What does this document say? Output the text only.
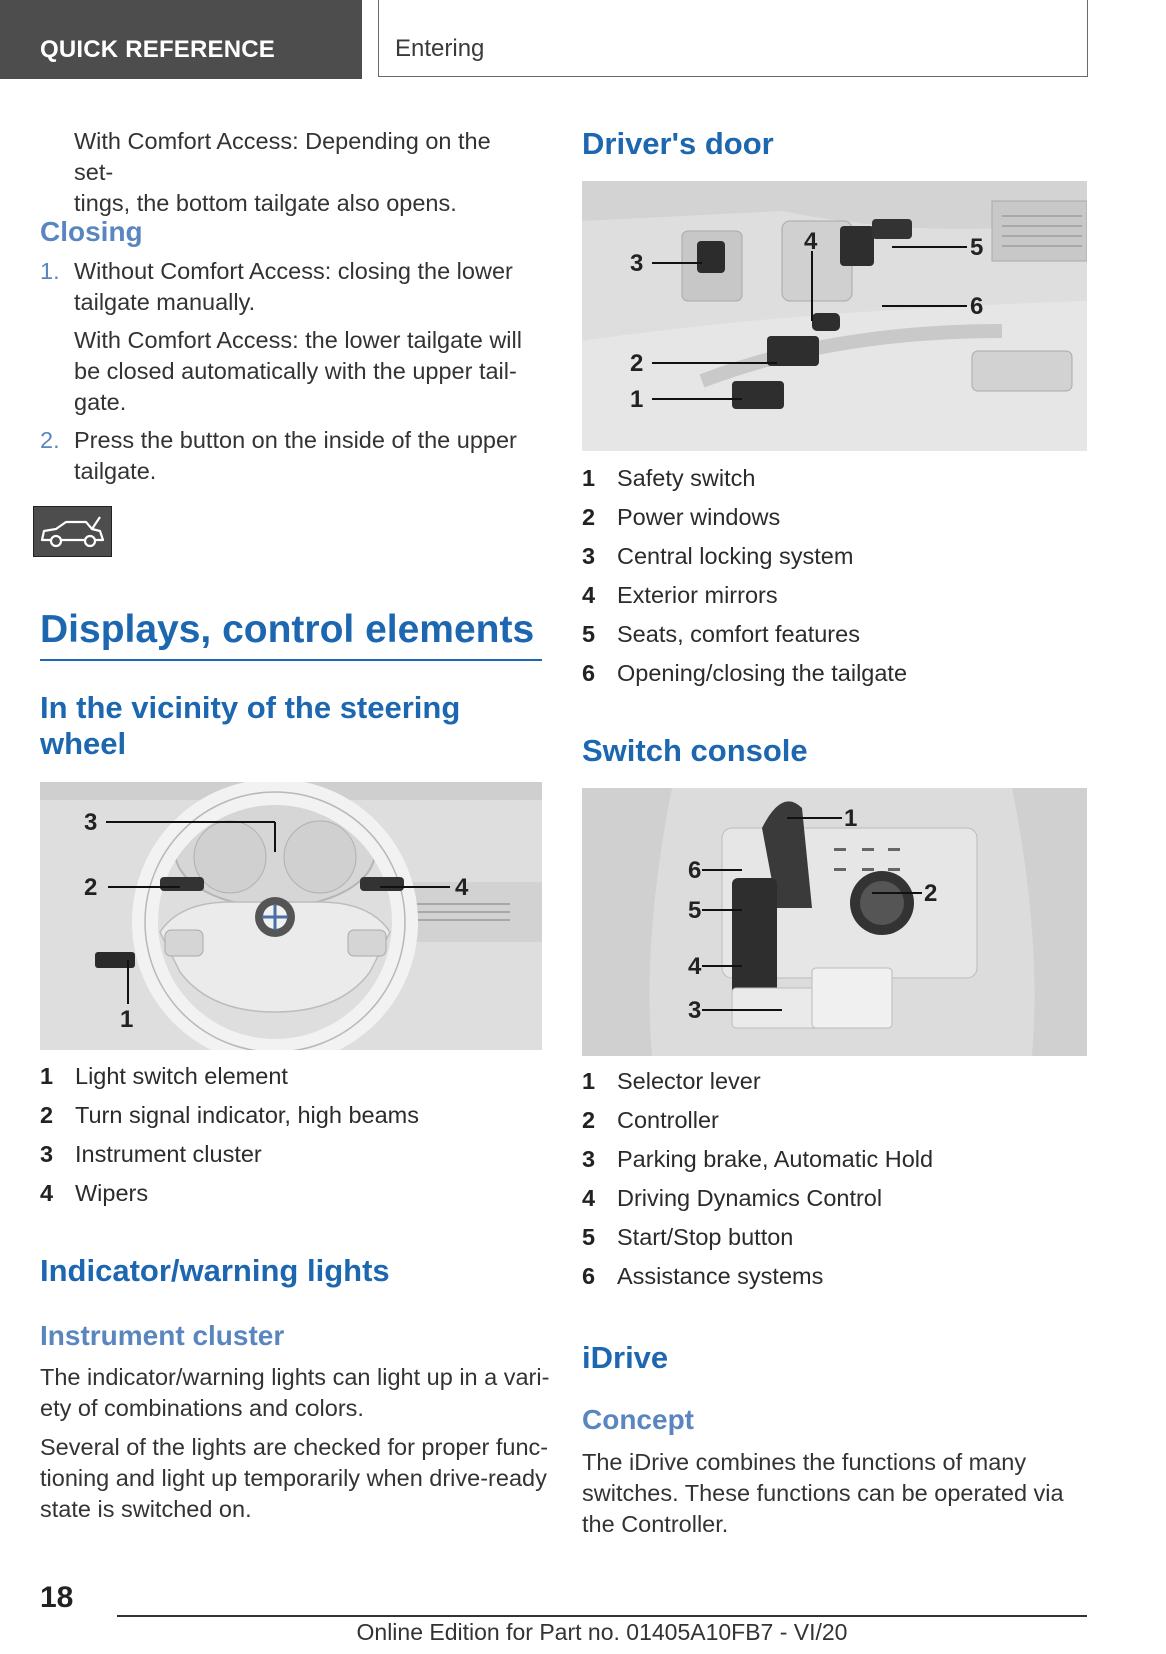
QUICK REFERENCE	Entering
With Comfort Access: Depending on the set-
tings, the bottom tailgate also opens.
Closing
1. Without Comfort Access: closing the lower
tailgate manually.
With Comfort Access: the lower tailgate will
be closed automatically with the upper tail-
gate.
2. Press the button on the inside of the upper
tailgate.
Displays, control elements
In the vicinity of the steering
wheel
3
2	4
1
1 Light switch element
2 Turn signal indicator, high beams
3 Instrument cluster
4 Wipers
Indicator/warning lights
Instrument cluster
The indicator/warning lights can light up in a vari-
ety of combinations and colors.
Several of the lights are checked for proper func-
tioning and light up temporarily when drive-ready
state is switched on.
Driver's door
3
4	5
6
2
1
1 Safety switch
2 Power windows
3 Central locking system
4 Exterior mirrors
5 Seats, comfort features
6 Opening/closing the tailgate
Switch console
1
2
6
5
4
3
1 Selector lever
2 Controller
3 Parking brake, Automatic Hold
4 Driving Dynamics Control
5 Start/Stop button
6 Assistance systems
iDrive
Concept
The iDrive combines the functions of many
switches. These functions can be operated via
the Controller.
18
Online Edition for Part no. 01405A10FB7 - VI/20
